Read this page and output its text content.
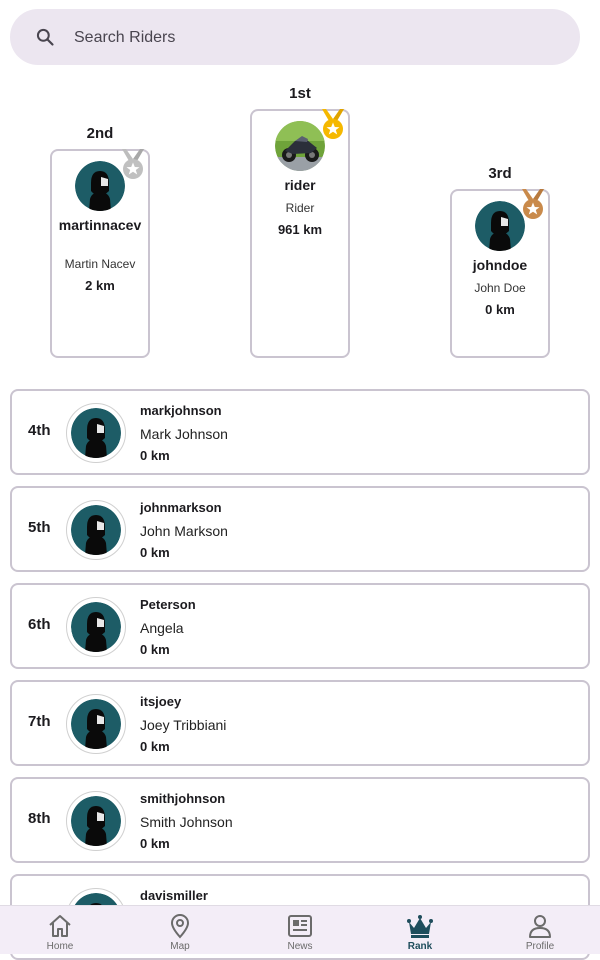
Search Riders
2nd
martinnacev
Martin Nacev
2 km
1st
rider
Rider
961 km
3rd
johndoe
John Doe
0 km
4th
markjohnson
Mark Johnson
0 km
5th
johnmarkson
John Markson
0 km
6th
Peterson
Angela
0 km
7th
itsjoey
Joey Tribbiani
0 km
8th
smithjohnson
Smith Johnson
0 km
davismiller
Home	Map	News	Rank	Profile
